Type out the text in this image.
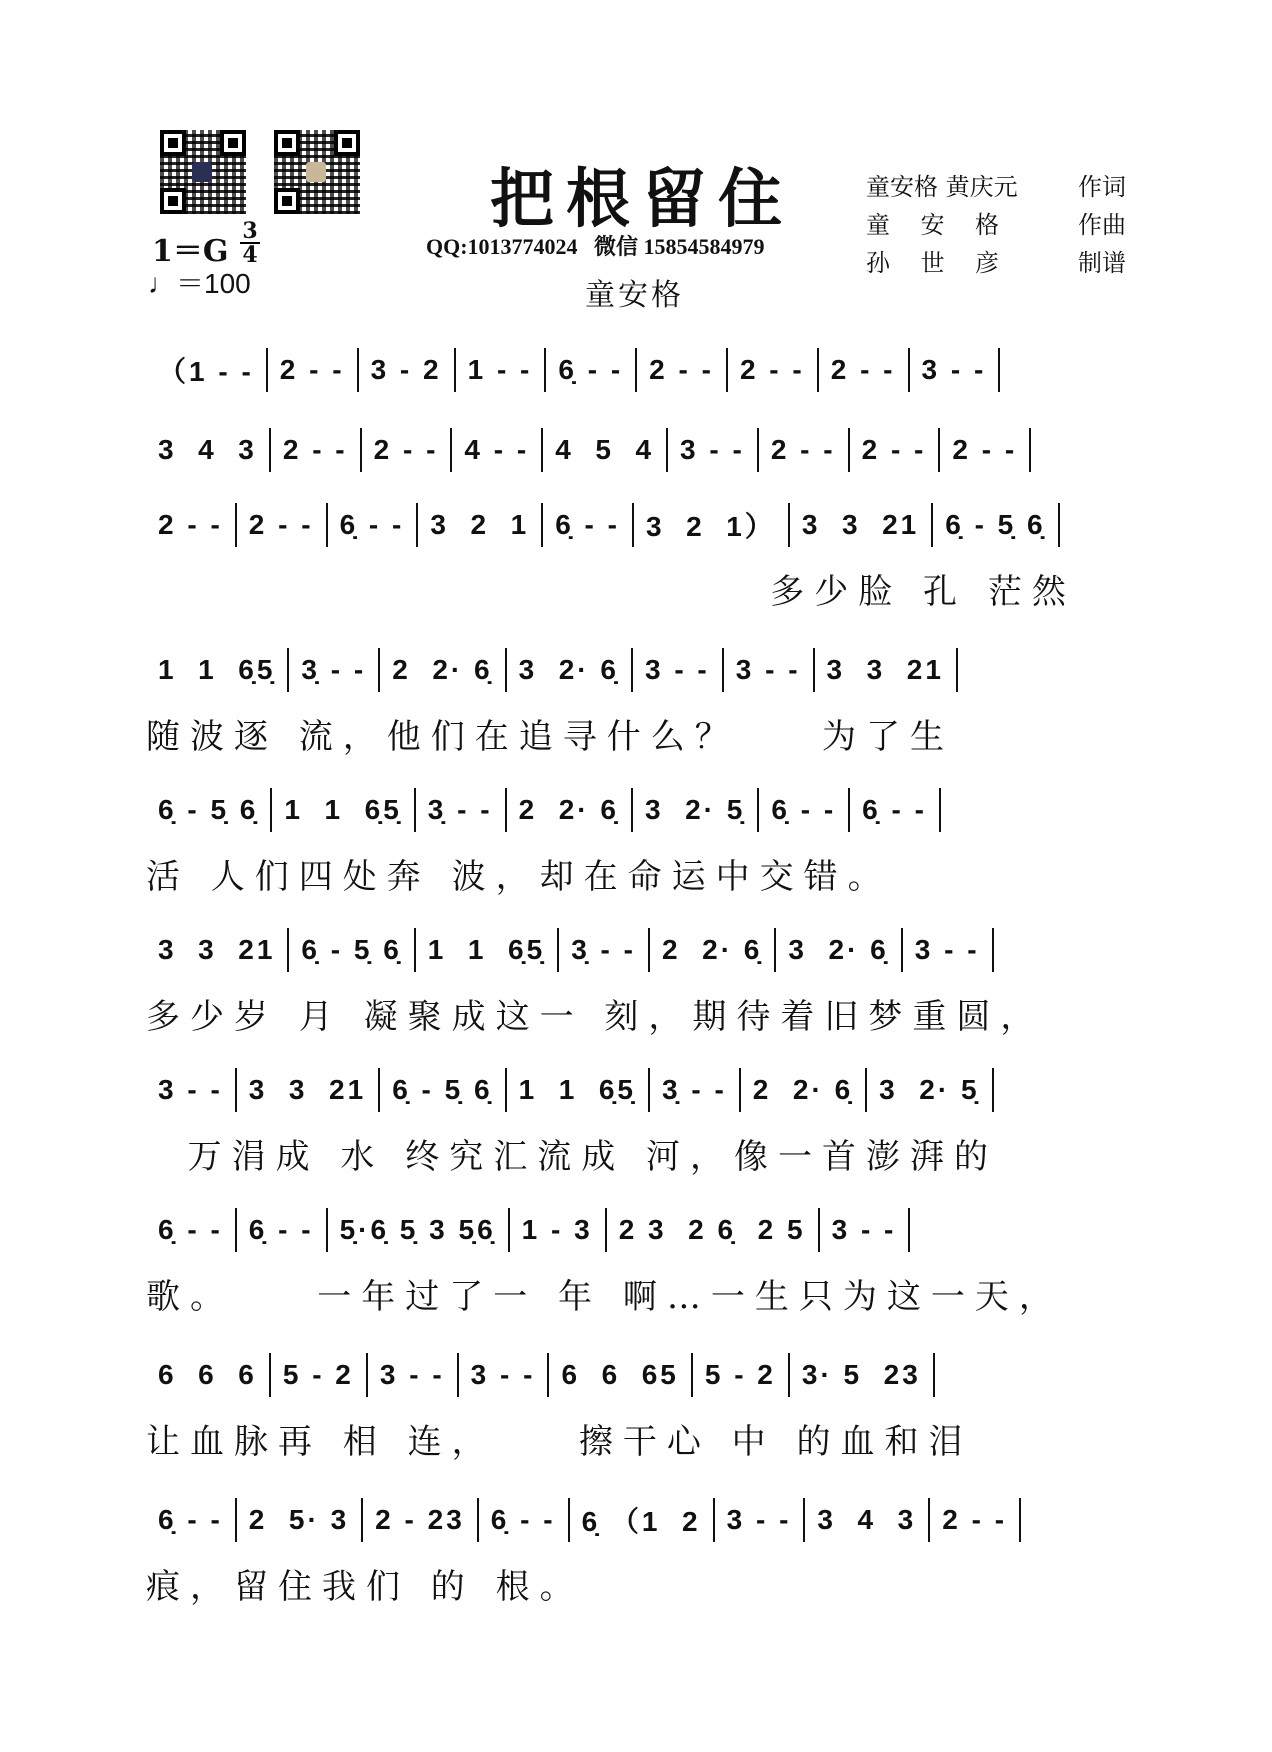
把根留住
QQ:1013774024   微信 15854584979
童安格
童安格 黄庆元	作词
童    安    格	作曲
孙    世    彦	制谱
1＝G
3
4
♩＝100
（1 - - 2 - - 3 - 2 1 - - 6̣ - - 2 - - 2 - - 2 - - 3 - -
3  4  3 2 - - 2 - - 4 - - 4  5  4 3 - - 2 - - 2 - - 2 - -
2 - - 2 - - 6̣ - - 3  2  1 6̣ - - 3  2  1） 3  3  21 6̣ - 5̣ 6̣
多少脸 孔 茫然
1  1  6̣5̣ 3̣ - - 2  2· 6̣ 3  2· 6̣ 3 - - 3 - - 3  3  21
随波逐 流，他们在追寻什么？    为了生
6̣ - 5̣ 6̣ 1  1  6̣5̣ 3̣ - - 2  2· 6̣ 3  2· 5̣ 6̣ - - 6̣ - -
活 人们四处奔 波，却在命运中交错。
3  3  21 6̣ - 5̣ 6̣ 1  1  6̣5̣ 3̣ - - 2  2· 6̣ 3  2· 6̣ 3 - -
多少岁 月 凝聚成这一 刻，期待着旧梦重圆，
3 - - 3  3  21 6̣ - 5̣ 6̣ 1  1  6̣5̣ 3̣ - - 2  2· 6̣ 3  2· 5̣
万涓成 水 终究汇流成 河，像一首澎湃的
6̣ - - 6̣ - - 5̣·6̣ 5̣ 3 5̣6̣ 1 - 3 2 3  2 6̣  2 5 3 - -
歌。    一年过了一 年 啊…一生只为这一天，
6  6  6 5 - 2 3 - - 3 - - 6  6  65 5 - 2 3· 5  23
让血脉再 相 连，    擦干心 中 的血和泪
6̣ - - 2  5· 3 2 - 23 6̣ - - 6̣ （1  2 3 - - 3  4  3 2 - -
痕，留住我们 的 根。
